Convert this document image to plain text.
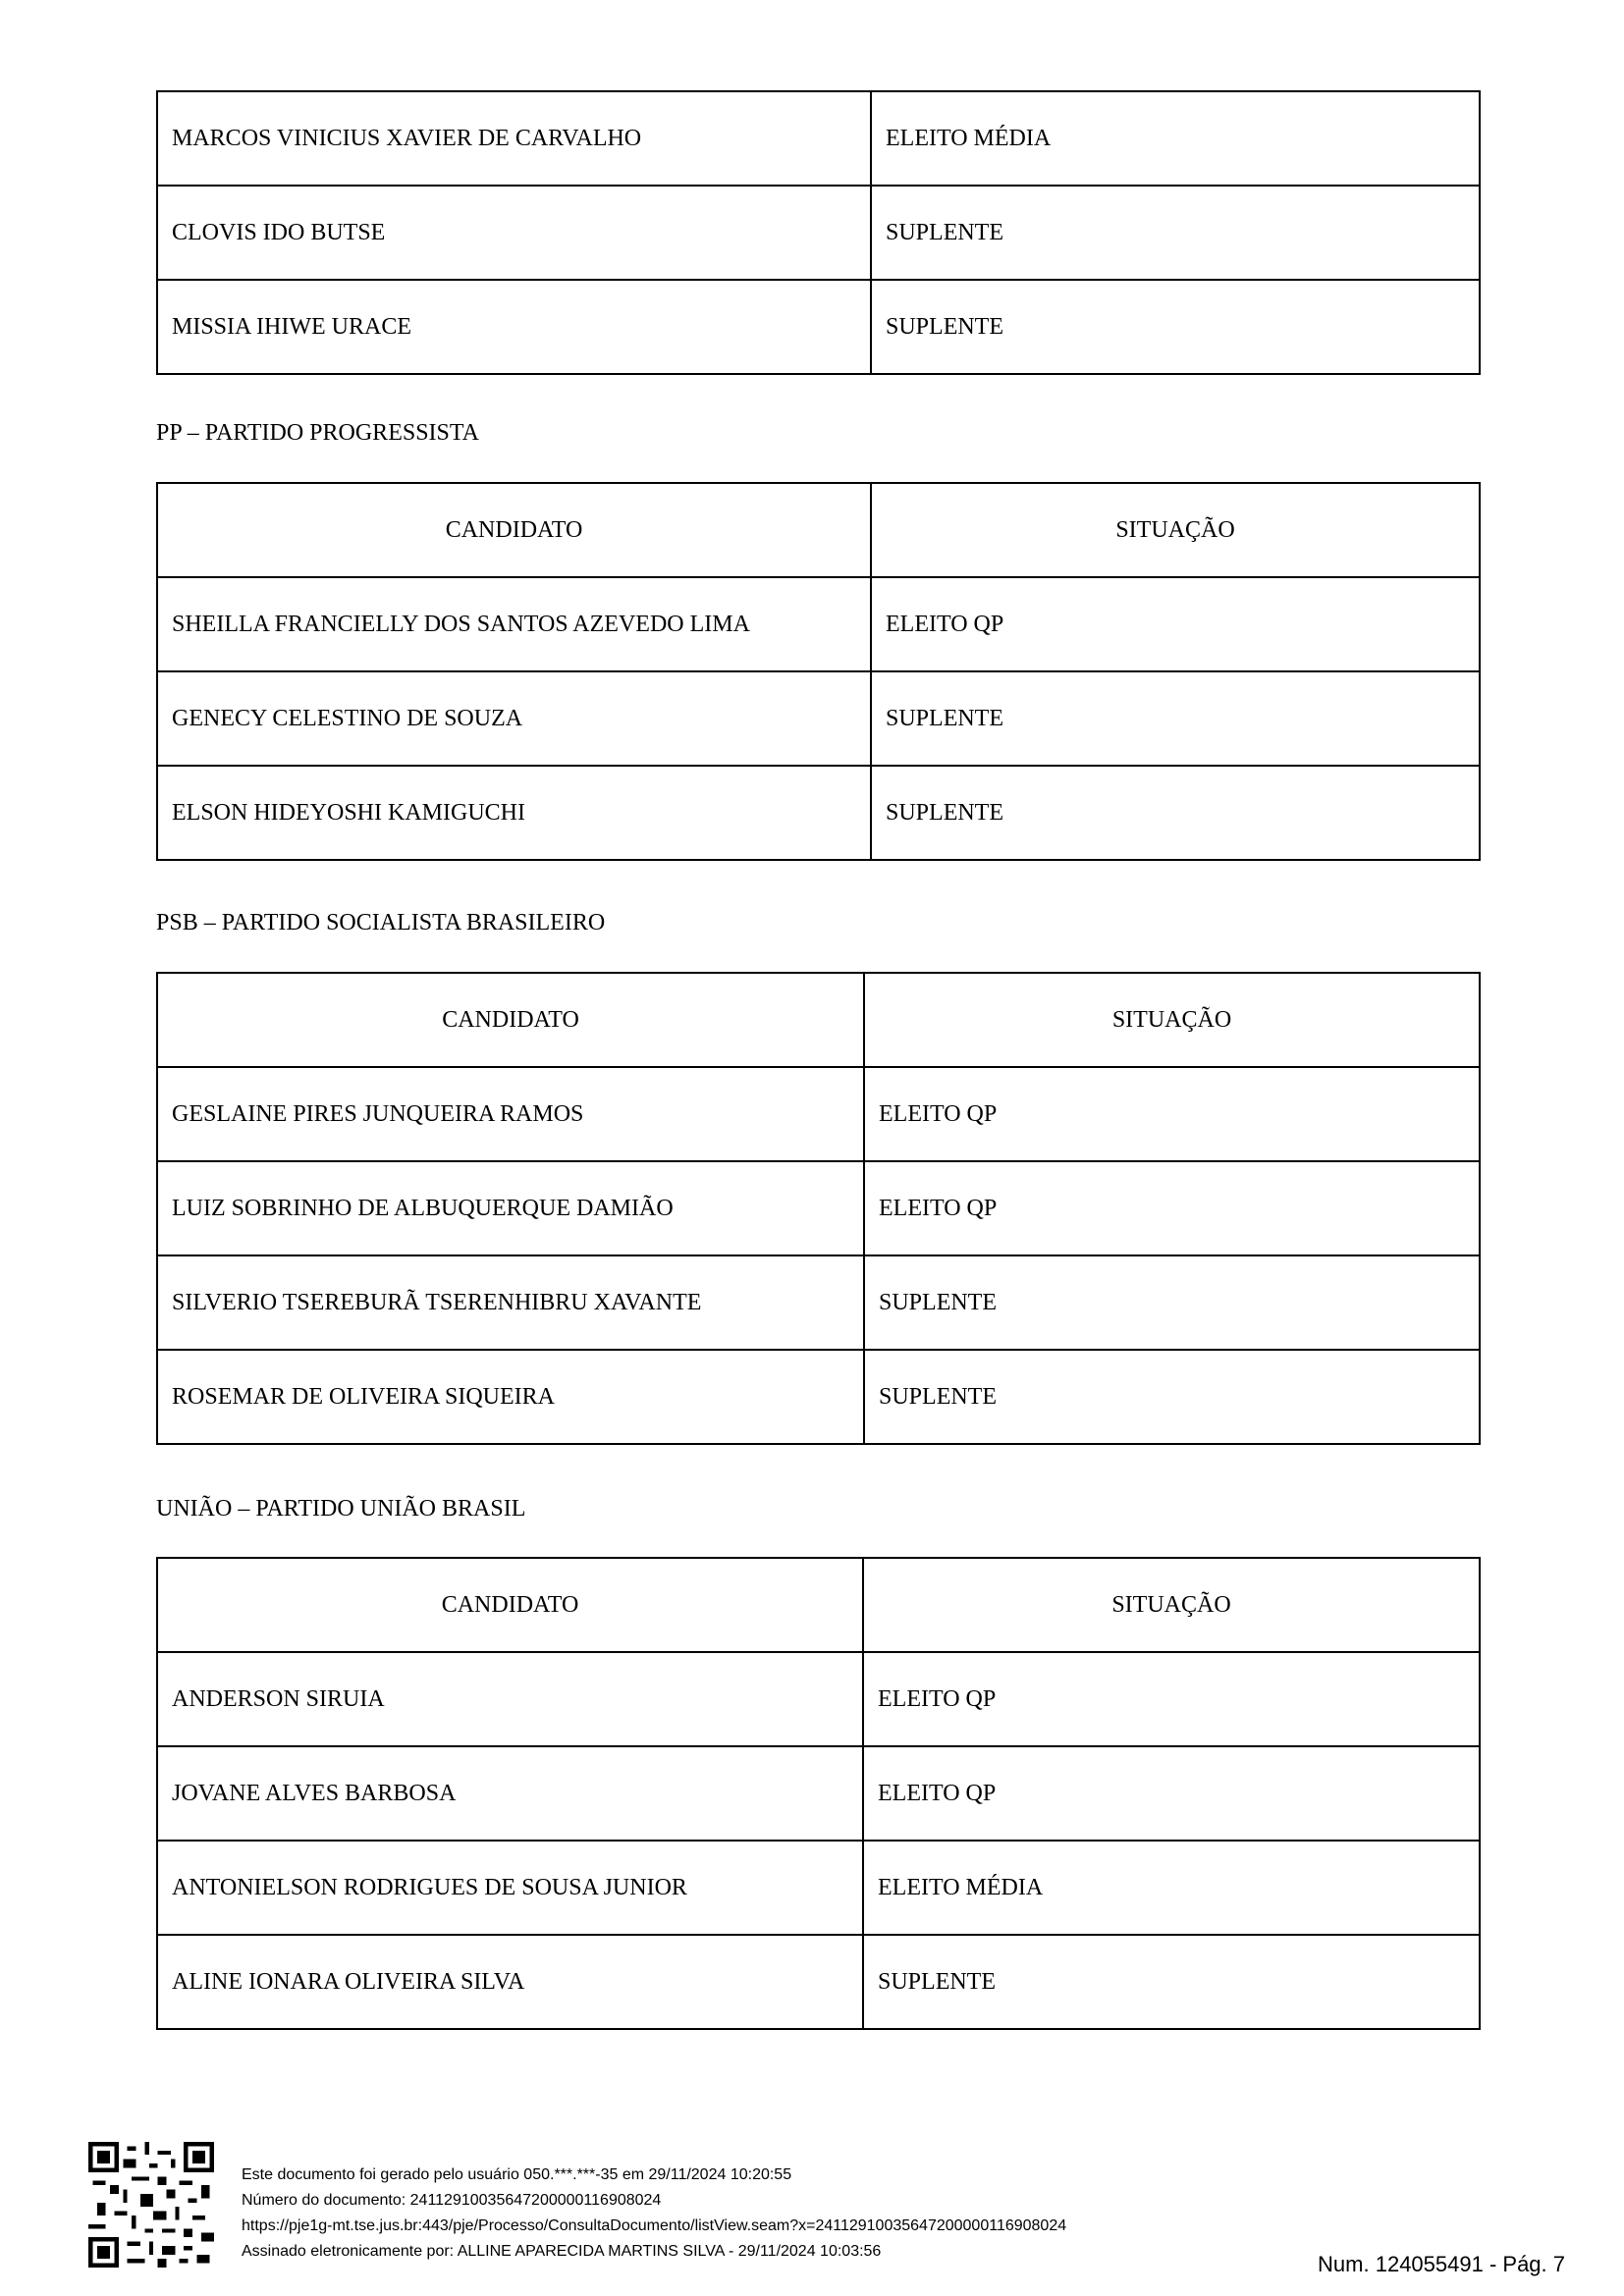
MARCOS VINICIUS XAVIER DE CARVALHO	ELEITO MÉDIA
CLOVIS IDO BUTSE	SUPLENTE
MISSIA IHIWE URACE	SUPLENTE
PP – PARTIDO PROGRESSISTA
CANDIDATO	SITUAÇÃO
SHEILLA FRANCIELLY DOS SANTOS AZEVEDO LIMA	ELEITO QP
GENECY CELESTINO DE SOUZA	SUPLENTE
ELSON HIDEYOSHI KAMIGUCHI	SUPLENTE
PSB – PARTIDO SOCIALISTA BRASILEIRO
CANDIDATO	SITUAÇÃO
GESLAINE PIRES JUNQUEIRA RAMOS	ELEITO QP
LUIZ SOBRINHO DE ALBUQUERQUE DAMIÃO	ELEITO QP
SILVERIO TSEREBURÃ TSERENHIBRU XAVANTE	SUPLENTE
ROSEMAR DE OLIVEIRA SIQUEIRA	SUPLENTE
UNIÃO – PARTIDO UNIÃO BRASIL
CANDIDATO	SITUAÇÃO
ANDERSON SIRUIA	ELEITO QP
JOVANE ALVES BARBOSA	ELEITO QP
ANTONIELSON RODRIGUES DE SOUSA JUNIOR	ELEITO MÉDIA
ALINE IONARA OLIVEIRA SILVA	SUPLENTE
Este documento foi gerado pelo usuário 050.***.***-35 em 29/11/2024 10:20:55
Número do documento: 24112910035647200000116908024
https://pje1g-mt.tse.jus.br:443/pje/Processo/ConsultaDocumento/listView.seam?x=24112910035647200000116908024
Assinado eletronicamente por: ALLINE APARECIDA MARTINS SILVA - 29/11/2024 10:03:56
Num. 124055491 - Pág. 7
